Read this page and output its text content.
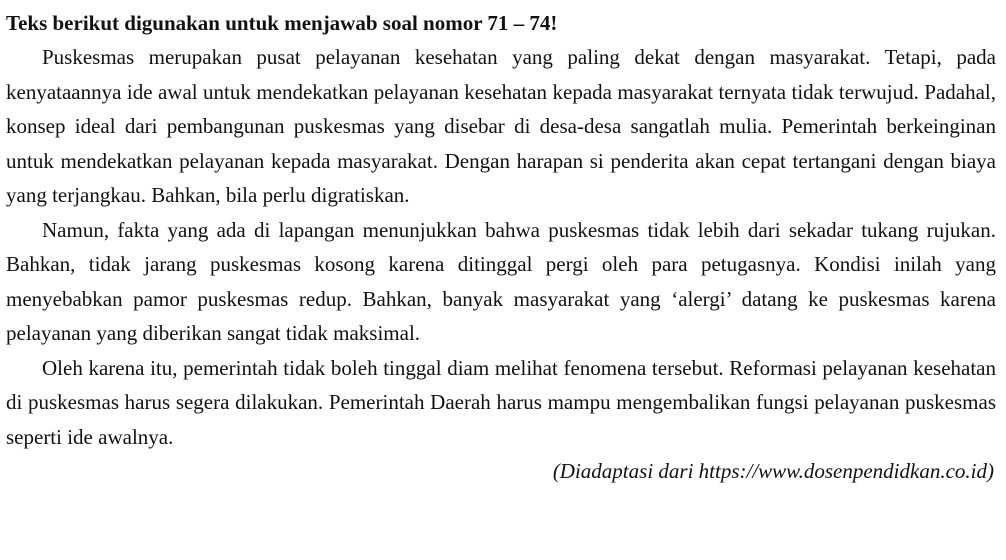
Teks berikut digunakan untuk menjawab soal nomor 71 – 74!

Puskesmas merupakan pusat pelayanan kesehatan yang paling dekat dengan masyarakat. Tetapi, pada kenyataannya ide awal untuk mendekatkan pelayanan kesehatan kepada masyarakat ternyata tidak terwujud. Padahal, konsep ideal dari pembangunan puskesmas yang disebar di desa-desa sangatlah mulia. Pemerintah berkeinginan untuk mendekatkan pelayanan kepada masyarakat. Dengan harapan si penderita akan cepat tertangani dengan biaya yang terjangkau. Bahkan, bila perlu digratiskan.

Namun, fakta yang ada di lapangan menunjukkan bahwa puskesmas tidak lebih dari sekadar tukang rujukan. Bahkan, tidak jarang puskesmas kosong karena ditinggal pergi oleh para petugasnya. Kondisi inilah yang menyebabkan pamor puskesmas redup. Bahkan, banyak masyarakat yang ‘alergi’ datang ke puskesmas karena pelayanan yang diberikan sangat tidak maksimal.

Oleh karena itu, pemerintah tidak boleh tinggal diam melihat fenomena tersebut. Reformasi pelayanan kesehatan di puskesmas harus segera dilakukan. Pemerintah Daerah harus mampu mengembalikan fungsi pelayanan puskesmas seperti ide awalnya.

(Diadaptasi dari https://www.dosenpendidkan.co.id)
